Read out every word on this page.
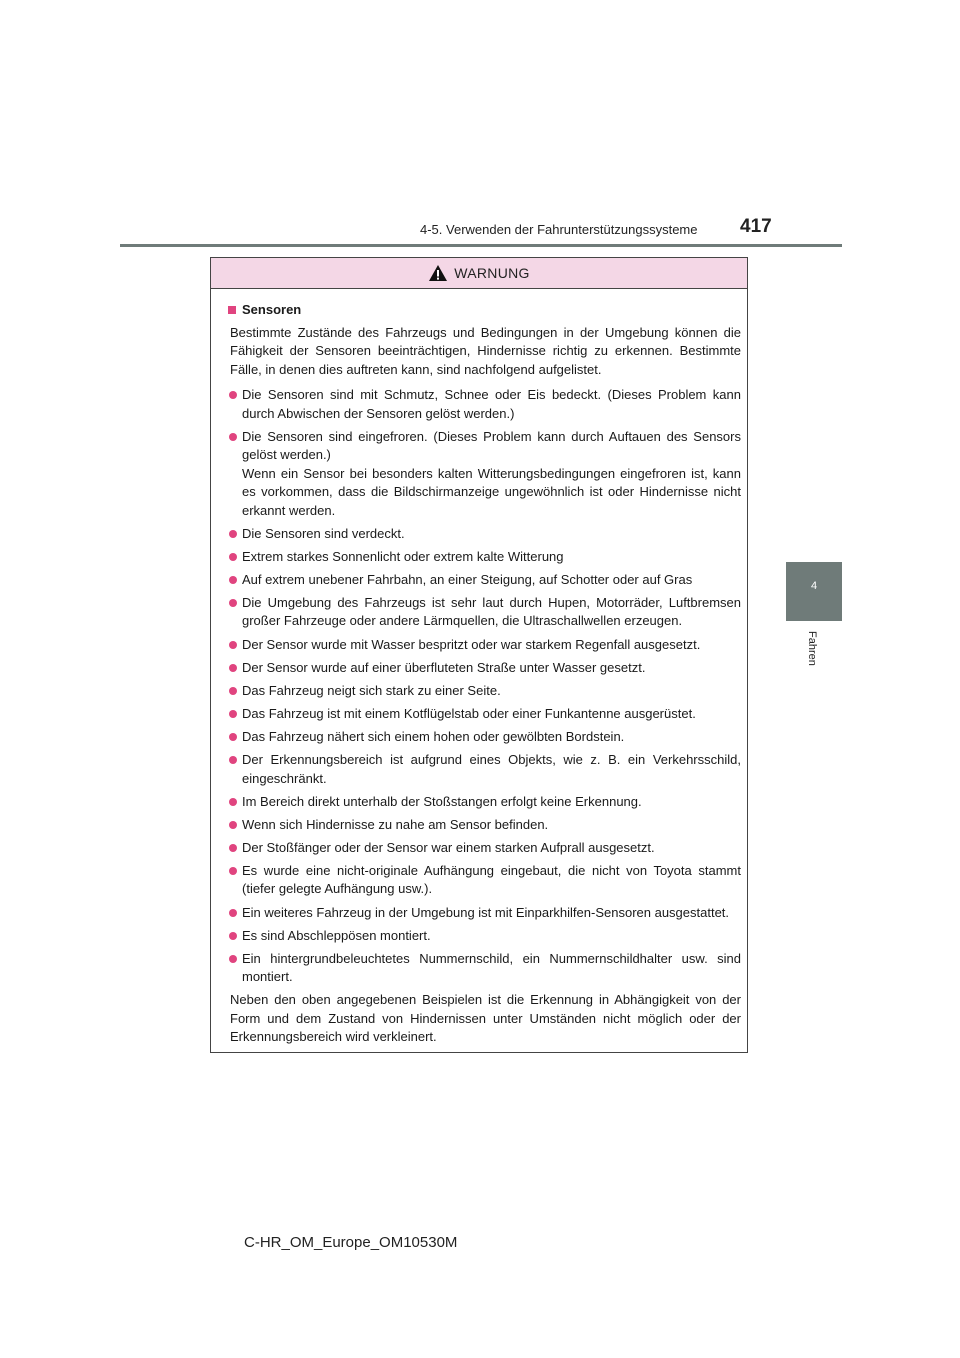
4-5. Verwenden der Fahrunterstützungssysteme 417
4
Fahren
WARNUNG
Sensoren
Bestimmte Zustände des Fahrzeugs und Bedingungen in der Umgebung können die Fähigkeit der Sensoren beeinträchtigen, Hindernisse richtig zu erkennen. Bestimmte Fälle, in denen dies auftreten kann, sind nachfolgend aufgelistet.
Die Sensoren sind mit Schmutz, Schnee oder Eis bedeckt. (Dieses Problem kann durch Abwischen der Sensoren gelöst werden.)
Die Sensoren sind eingefroren. (Dieses Problem kann durch Auftauen des Sensors gelöst werden.)
Wenn ein Sensor bei besonders kalten Witterungsbedingungen eingefroren ist, kann es vorkommen, dass die Bildschirmanzeige ungewöhnlich ist oder Hindernisse nicht erkannt werden.
Die Sensoren sind verdeckt.
Extrem starkes Sonnenlicht oder extrem kalte Witterung
Auf extrem unebener Fahrbahn, an einer Steigung, auf Schotter oder auf Gras
Die Umgebung des Fahrzeugs ist sehr laut durch Hupen, Motorräder, Luftbremsen großer Fahrzeuge oder andere Lärmquellen, die Ultraschallwellen erzeugen.
Der Sensor wurde mit Wasser bespritzt oder war starkem Regenfall ausgesetzt.
Der Sensor wurde auf einer überfluteten Straße unter Wasser gesetzt.
Das Fahrzeug neigt sich stark zu einer Seite.
Das Fahrzeug ist mit einem Kotflügelstab oder einer Funkantenne ausgerüstet.
Das Fahrzeug nähert sich einem hohen oder gewölbten Bordstein.
Der Erkennungsbereich ist aufgrund eines Objekts, wie z. B. ein Verkehrsschild, eingeschränkt.
Im Bereich direkt unterhalb der Stoßstangen erfolgt keine Erkennung.
Wenn sich Hindernisse zu nahe am Sensor befinden.
Der Stoßfänger oder der Sensor war einem starken Aufprall ausgesetzt.
Es wurde eine nicht-originale Aufhängung eingebaut, die nicht von Toyota stammt (tiefer gelegte Aufhängung usw.).
Ein weiteres Fahrzeug in der Umgebung ist mit Einparkhilfen-Sensoren ausgestattet.
Es sind Abschleppösen montiert.
Ein hintergrundbeleuchtetes Nummernschild, ein Nummernschildhalter usw. sind montiert.
Neben den oben angegebenen Beispielen ist die Erkennung in Abhängigkeit von der Form und dem Zustand von Hindernissen unter Umständen nicht möglich oder der Erkennungsbereich wird verkleinert.
C-HR_OM_Europe_OM10530M
